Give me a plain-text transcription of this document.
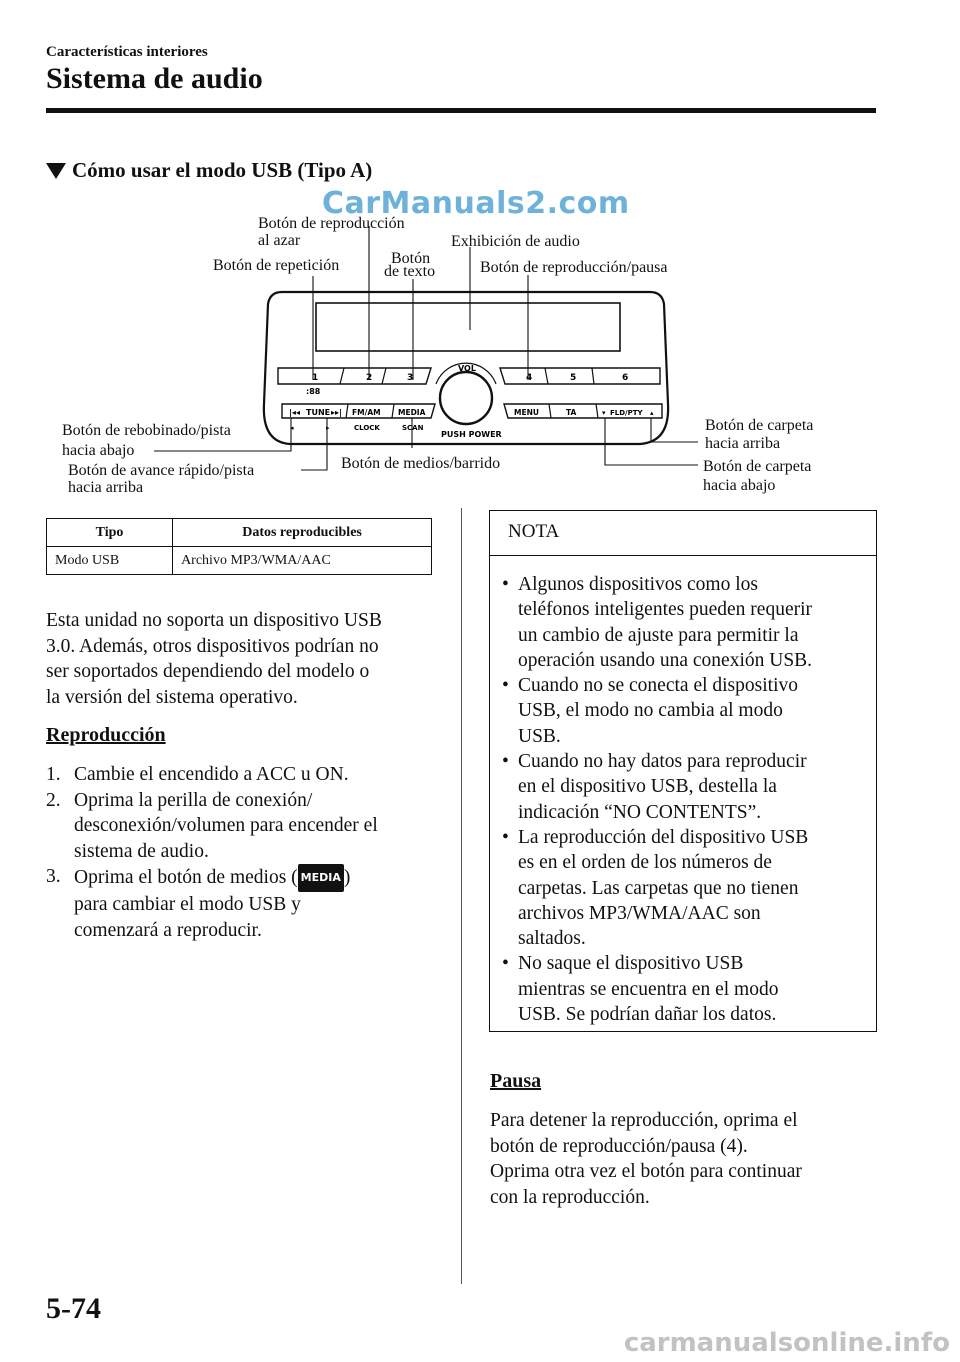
Características interiores
Sistema de audio
Cómo usar el modo USB (Tipo A)
1	2	3	4	5	6
:88
VOL
PUSH POWER
|◂◂ TUNE ▸▸| FM/AM MEDIA
◂	▸	CLOCK	SCAN
MENU	TA	▾ FLD/PTY ▴
Botón de reproducción
al azar
Botón de repetición	Botón
de texto
Exhibición de audio
Botón de reproducción/pausa
Botón de rebobinado/pista
hacia abajo
Botón de avance rápido/pista
hacia arriba
Botón de medios/barrido
Botón de carpeta
hacia arriba
Botón de carpeta
hacia abajo
CarManuals2.com
Tipo	Datos reproducibles
Modo USB	Archivo MP3/WMA/AAC
Esta unidad no soporta un dispositivo USB
3.0. Además, otros dispositivos podrían no
ser soportados dependiendo del modelo o
la versión del sistema operativo.
Reproducción
1. Cambie el encendido a ACC u ON.
2. Oprima la perilla de conexión/
desconexión/volumen para encender el
sistema de audio.
3. Oprima el botón de medios ( MEDIA )
para cambiar el modo USB y
comenzará a reproducir.
NOTA
• Algunos dispositivos como los
teléfonos inteligentes pueden requerir
un cambio de ajuste para permitir la
operación usando una conexión USB.
• Cuando no se conecta el dispositivo
USB, el modo no cambia al modo
USB.
• Cuando no hay datos para reproducir
en el dispositivo USB, destella la
indicación “NO CONTENTS”.
• La reproducción del dispositivo USB
es en el orden de los números de
carpetas. Las carpetas que no tienen
archivos MP3/WMA/AAC son
saltados.
• No saque el dispositivo USB
mientras se encuentra en el modo
USB. Se podrían dañar los datos.
Pausa
Para detener la reproducción, oprima el
botón de reproducción/pausa (4).
Oprima otra vez el botón para continuar
con la reproducción.
5-74
carmanualsonline.info
